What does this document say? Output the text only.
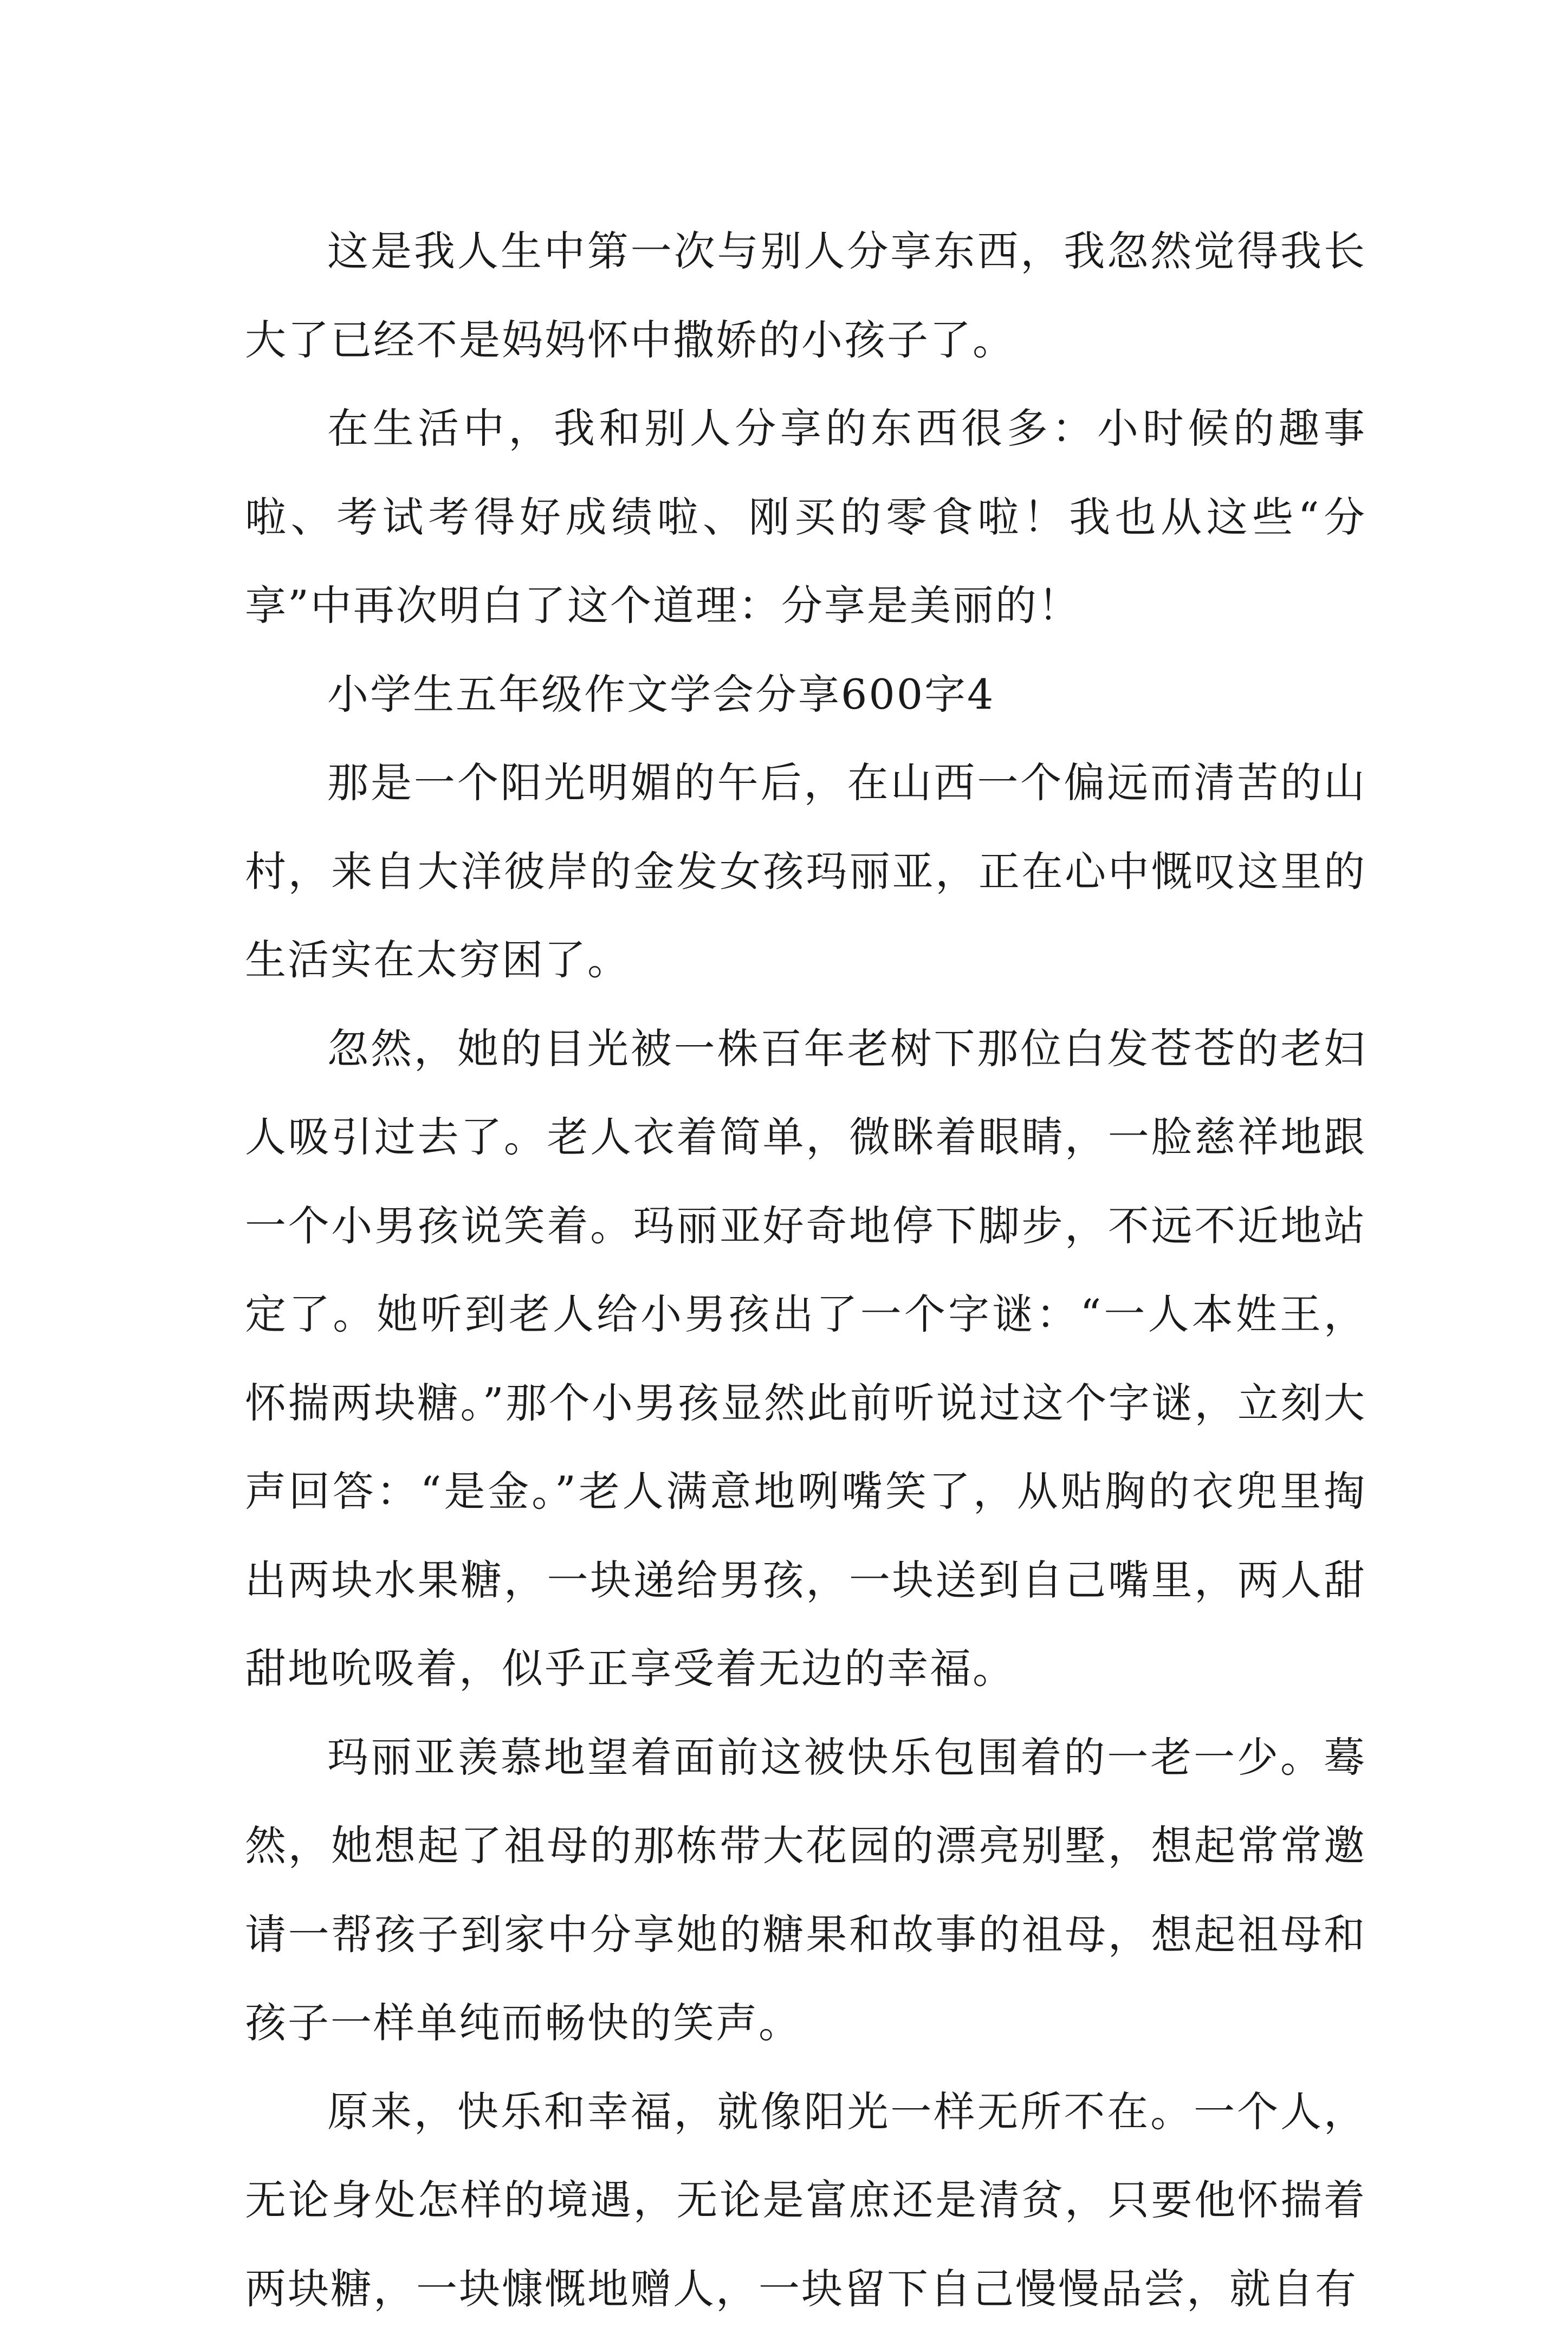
这是我人生中第一次与别人分享东西，我忽然觉得我长大了已经不是妈妈怀中撒娇的小孩子了。

在生活中，我和别人分享的东西很多：小时候的趣事啦、考试考得好成绩啦、刚买的零食啦！我也从这些“分享”中再次明白了这个道理：分享是美丽的！

小学生五年级作文学会分享600字4

那是一个阳光明媚的午后，在山西一个偏远而清苦的山村，来自大洋彼岸的金发女孩玛丽亚，正在心中慨叹这里的生活实在太穷困了。

忽然，她的目光被一株百年老树下那位白发苍苍的老妇人吸引过去了。老人衣着简单，微眯着眼睛，一脸慈祥地跟一个小男孩说笑着。玛丽亚好奇地停下脚步，不远不近地站定了。她听到老人给小男孩出了一个字谜：“一人本姓王，怀揣两块糖。”那个小男孩显然此前听说过这个字谜，立刻大声回答：“是金。”老人满意地咧嘴笑了，从贴胸的衣兜里掏出两块水果糖，一块递给男孩，一块送到自己嘴里，两人甜甜地吮吸着，似乎正享受着无边的幸福。

玛丽亚羡慕地望着面前这被快乐包围着的一老一少。蓦然，她想起了祖母的那栋带大花园的漂亮别墅，想起常常邀请一帮孩子到家中分享她的糖果和故事的祖母，想起祖母和孩子一样单纯而畅快的笑声。

原来，快乐和幸福，就像阳光一样无所不在。一个人，无论身处怎样的境遇，无论是富庶还是清贫，只要他怀揣着两块糖，一块慷慨地赠人，一块留下自己慢慢品尝，就自有
